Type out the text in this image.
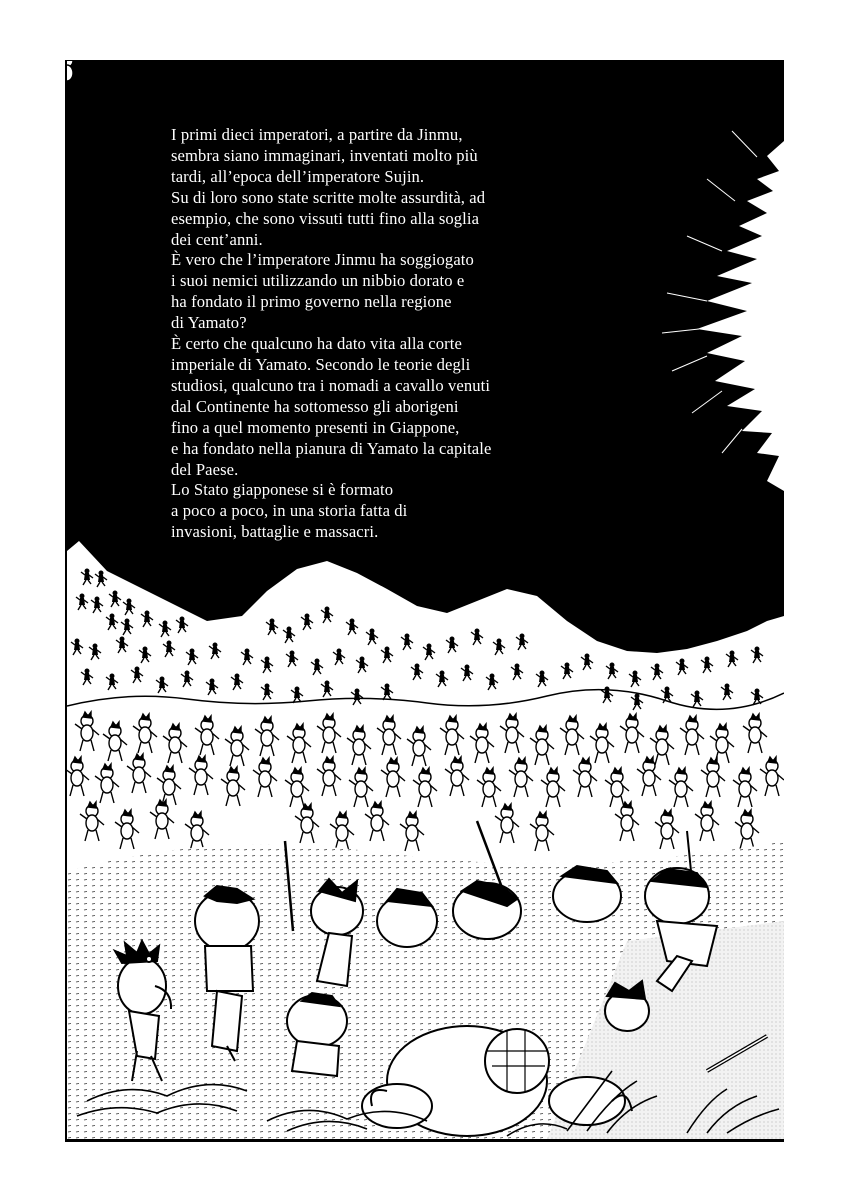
I primi dieci imperatori, a partire da Jinmu,
sembra siano immaginari, inventati molto più
tardi, all’epoca dell’imperatore Sujin.
Su di loro sono state scritte molte assurdità, ad
esempio, che sono vissuti tutti fino alla soglia
dei cent’anni.
È vero che l’imperatore Jinmu ha soggiogato
i suoi nemici utilizzando un nibbio dorato e
ha fondato il primo governo nella regione
di Yamato?
È certo che qualcuno ha dato vita alla corte
imperiale di Yamato. Secondo le teorie degli
studiosi, qualcuno tra i nomadi a cavallo venuti
dal Continente ha sottomesso gli aborigeni
fino a quel momento presenti in Giappone,
e ha fondato nella pianura di Yamato la capitale
del Paese.
Lo Stato giapponese si è formato
a poco a poco, in una storia fatta di
invasioni, battaglie e massacri.
